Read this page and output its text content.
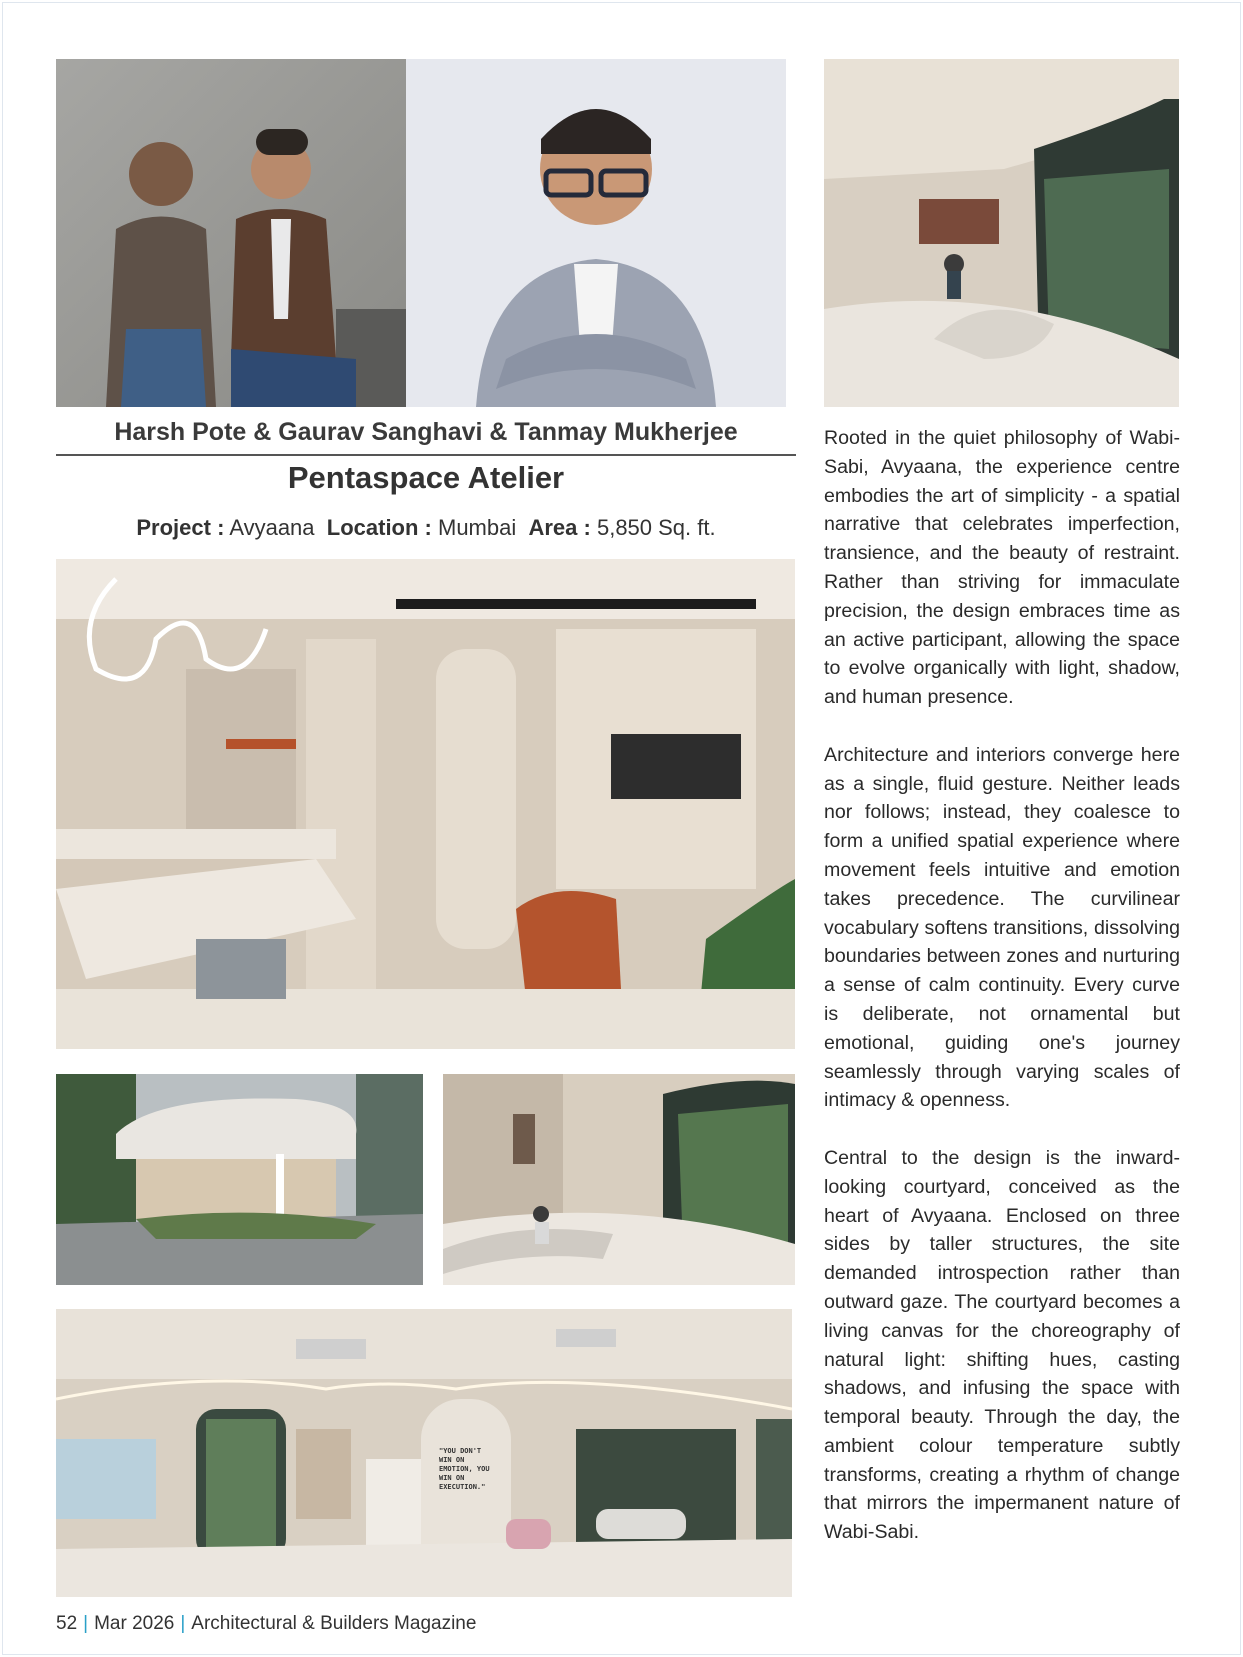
Harsh Pote & Gaurav Sanghavi & Tanmay Mukherjee
Pentaspace Atelier
Project : Avyaana Location : Mumbai Area : 5,850 Sq. ft.
"YOU DON'T WIN ON EMOTION, YOU WIN ON EXECUTION."

Rooted in the quiet philosophy of Wabi-Sabi, Avyaana, the experience centre embodies the art of simplicity - a spatial narrative that celebrates imperfection, transience, and the beauty of restraint. Rather than striving for immaculate precision, the design embraces time as an active participant, allowing the space to evolve organically with light, shadow, and human presence.

Architecture and interiors converge here as a single, fluid gesture. Neither leads nor follows; instead, they coalesce to form a unified spatial experience where movement feels intuitive and emotion takes precedence. The curvilinear vocabulary softens transitions, dissolving boundaries between zones and nurturing a sense of calm continuity. Every curve is deliberate, not ornamental but emotional, guiding one's journey seamlessly through varying scales of intimacy & openness.

Central to the design is the inward-looking courtyard, conceived as the heart of Avyaana. Enclosed on three sides by taller structures, the site demanded introspection rather than outward gaze. The courtyard becomes a living canvas for the choreography of natural light: shifting hues, casting shadows, and infusing the space with temporal beauty. Through the day, the ambient colour temperature subtly transforms, creating a rhythm of change that mirrors the impermanent nature of Wabi-Sabi.

52 | Mar 2026 | Architectural & Builders Magazine
